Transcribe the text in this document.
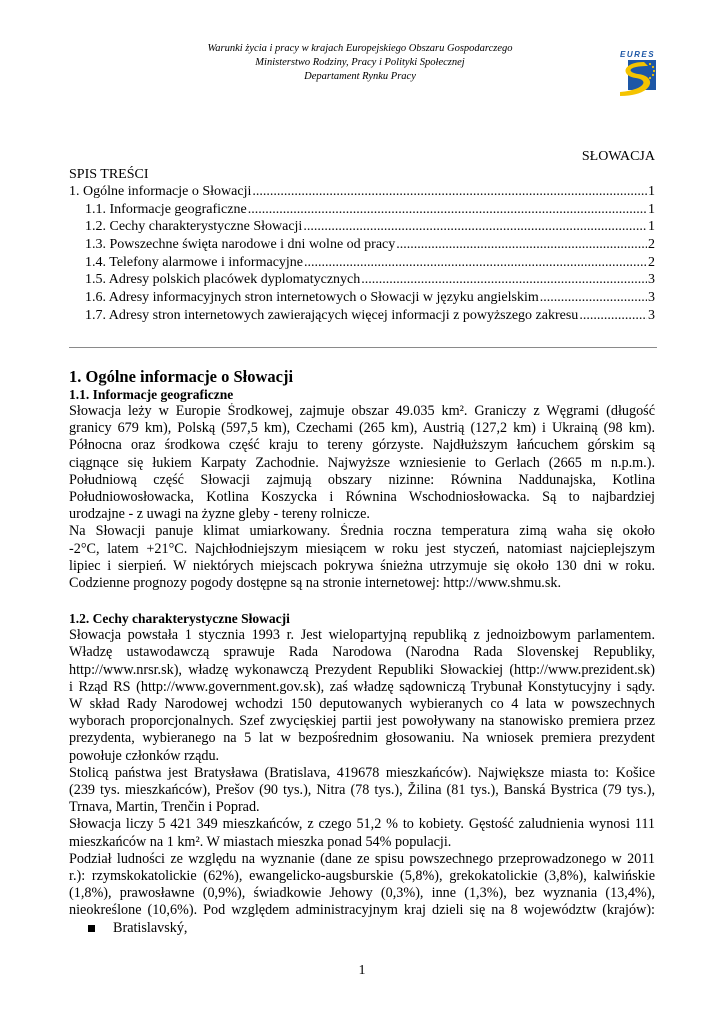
Warunki życia i pracy w krajach Europejskiego Obszaru Gospodarczego
Ministerstwo Rodziny, Pracy i Polityki Społecznej
Departament Rynku Pracy
EURES
SŁOWACJA
SPIS TREŚCI
1. Ogólne informacje o Słowacji .....	1
1.1. Informacje geograficzne .....	1
1.2. Cechy charakterystyczne Słowacji .....	1
1.3. Powszechne święta narodowe i dni wolne od pracy .....	2
1.4. Telefony alarmowe i informacyjne .....	2
1.5. Adresy polskich placówek dyplomatycznych .....	3
1.6. Adresy informacyjnych stron internetowych o Słowacji w języku angielskim .....	3
1.7. Adresy stron internetowych zawierających więcej informacji z powyższego zakresu .....	3
1. Ogólne informacje o Słowacji
1.1. Informacje geograficzne
Słowacja leży w Europie Środkowej, zajmuje obszar 49.035 km². Graniczy z Węgrami (długość
granicy 679 km), Polską (597,5 km), Czechami (265 km), Austrią (127,2 km) i Ukrainą (98 km).
Północna oraz środkowa część kraju to tereny górzyste. Najdłuższym łańcuchem górskim są
ciągnące się łukiem Karpaty Zachodnie. Najwyższe wzniesienie to Gerlach (2665 m n.p.m.).
Południową część Słowacji zajmują obszary nizinne: Równina Naddunajska, Kotlina
Południowosłowacka, Kotlina Koszycka i Równina Wschodniosłowacka. Są to najbardziej
urodzajne - z uwagi na żyzne gleby - tereny rolnicze.
Na Słowacji panuje klimat umiarkowany. Średnia roczna temperatura zimą waha się około
-2°C, latem +21°C. Najchłodniejszym miesiącem w roku jest styczeń, natomiast najcieplejszym
lipiec i sierpień. W niektórych miejscach pokrywa śnieżna utrzymuje się około 130 dni w roku.
Codzienne prognozy pogody dostępne są na stronie internetowej: http://www.shmu.sk.
1.2. Cechy charakterystyczne Słowacji
Słowacja powstała 1 stycznia 1993 r. Jest wielopartyjną republiką z jednoizbowym parlamentem.
Władzę ustawodawczą sprawuje Rada Narodowa (Narodna Rada Slovenskej Republiky,
http://www.nrsr.sk), władzę wykonawczą Prezydent Republiki Słowackiej (http://www.prezident.sk)
i Rząd RS (http://www.government.gov.sk), zaś władzę sądowniczą Trybunał Konstytucyjny i sądy.
W skład Rady Narodowej wchodzi 150 deputowanych wybieranych co 4 lata w powszechnych
wyborach proporcjonalnych. Szef zwycięskiej partii jest powoływany na stanowisko premiera przez
prezydenta, wybieranego na 5 lat w bezpośrednim głosowaniu. Na wniosek premiera prezydent
powołuje członków rządu.
Stolicą państwa jest Bratysława (Bratislava, 419678 mieszkańców). Największe miasta to: Košice
(239 tys. mieszkańców), Prešov (90 tys.), Nitra (78 tys.), Žilina (81 tys.), Banská Bystrica (79 tys.),
Trnava, Martin, Trenčin i Poprad.
Słowacja liczy 5 421 349 mieszkańców, z czego 51,2 % to kobiety. Gęstość zaludnienia wynosi 111
mieszkańców na 1 km². W miastach mieszka ponad 54% populacji.
Podział ludności ze względu na wyznanie (dane ze spisu powszechnego przeprowadzonego w 2011
r.): rzymskokatolickie (62%), ewangelicko-augsburskie (5,8%), grekokatolickie (3,8%), kalwińskie
(1,8%), prawosławne (0,9%), świadkowie Jehowy (0,3%), inne (1,3%), bez wyznania (13,4%),
nieokreślone (10,6%). Pod względem administracyjnym kraj dzieli się na 8 województw (krajów):
Bratislavský,
1
